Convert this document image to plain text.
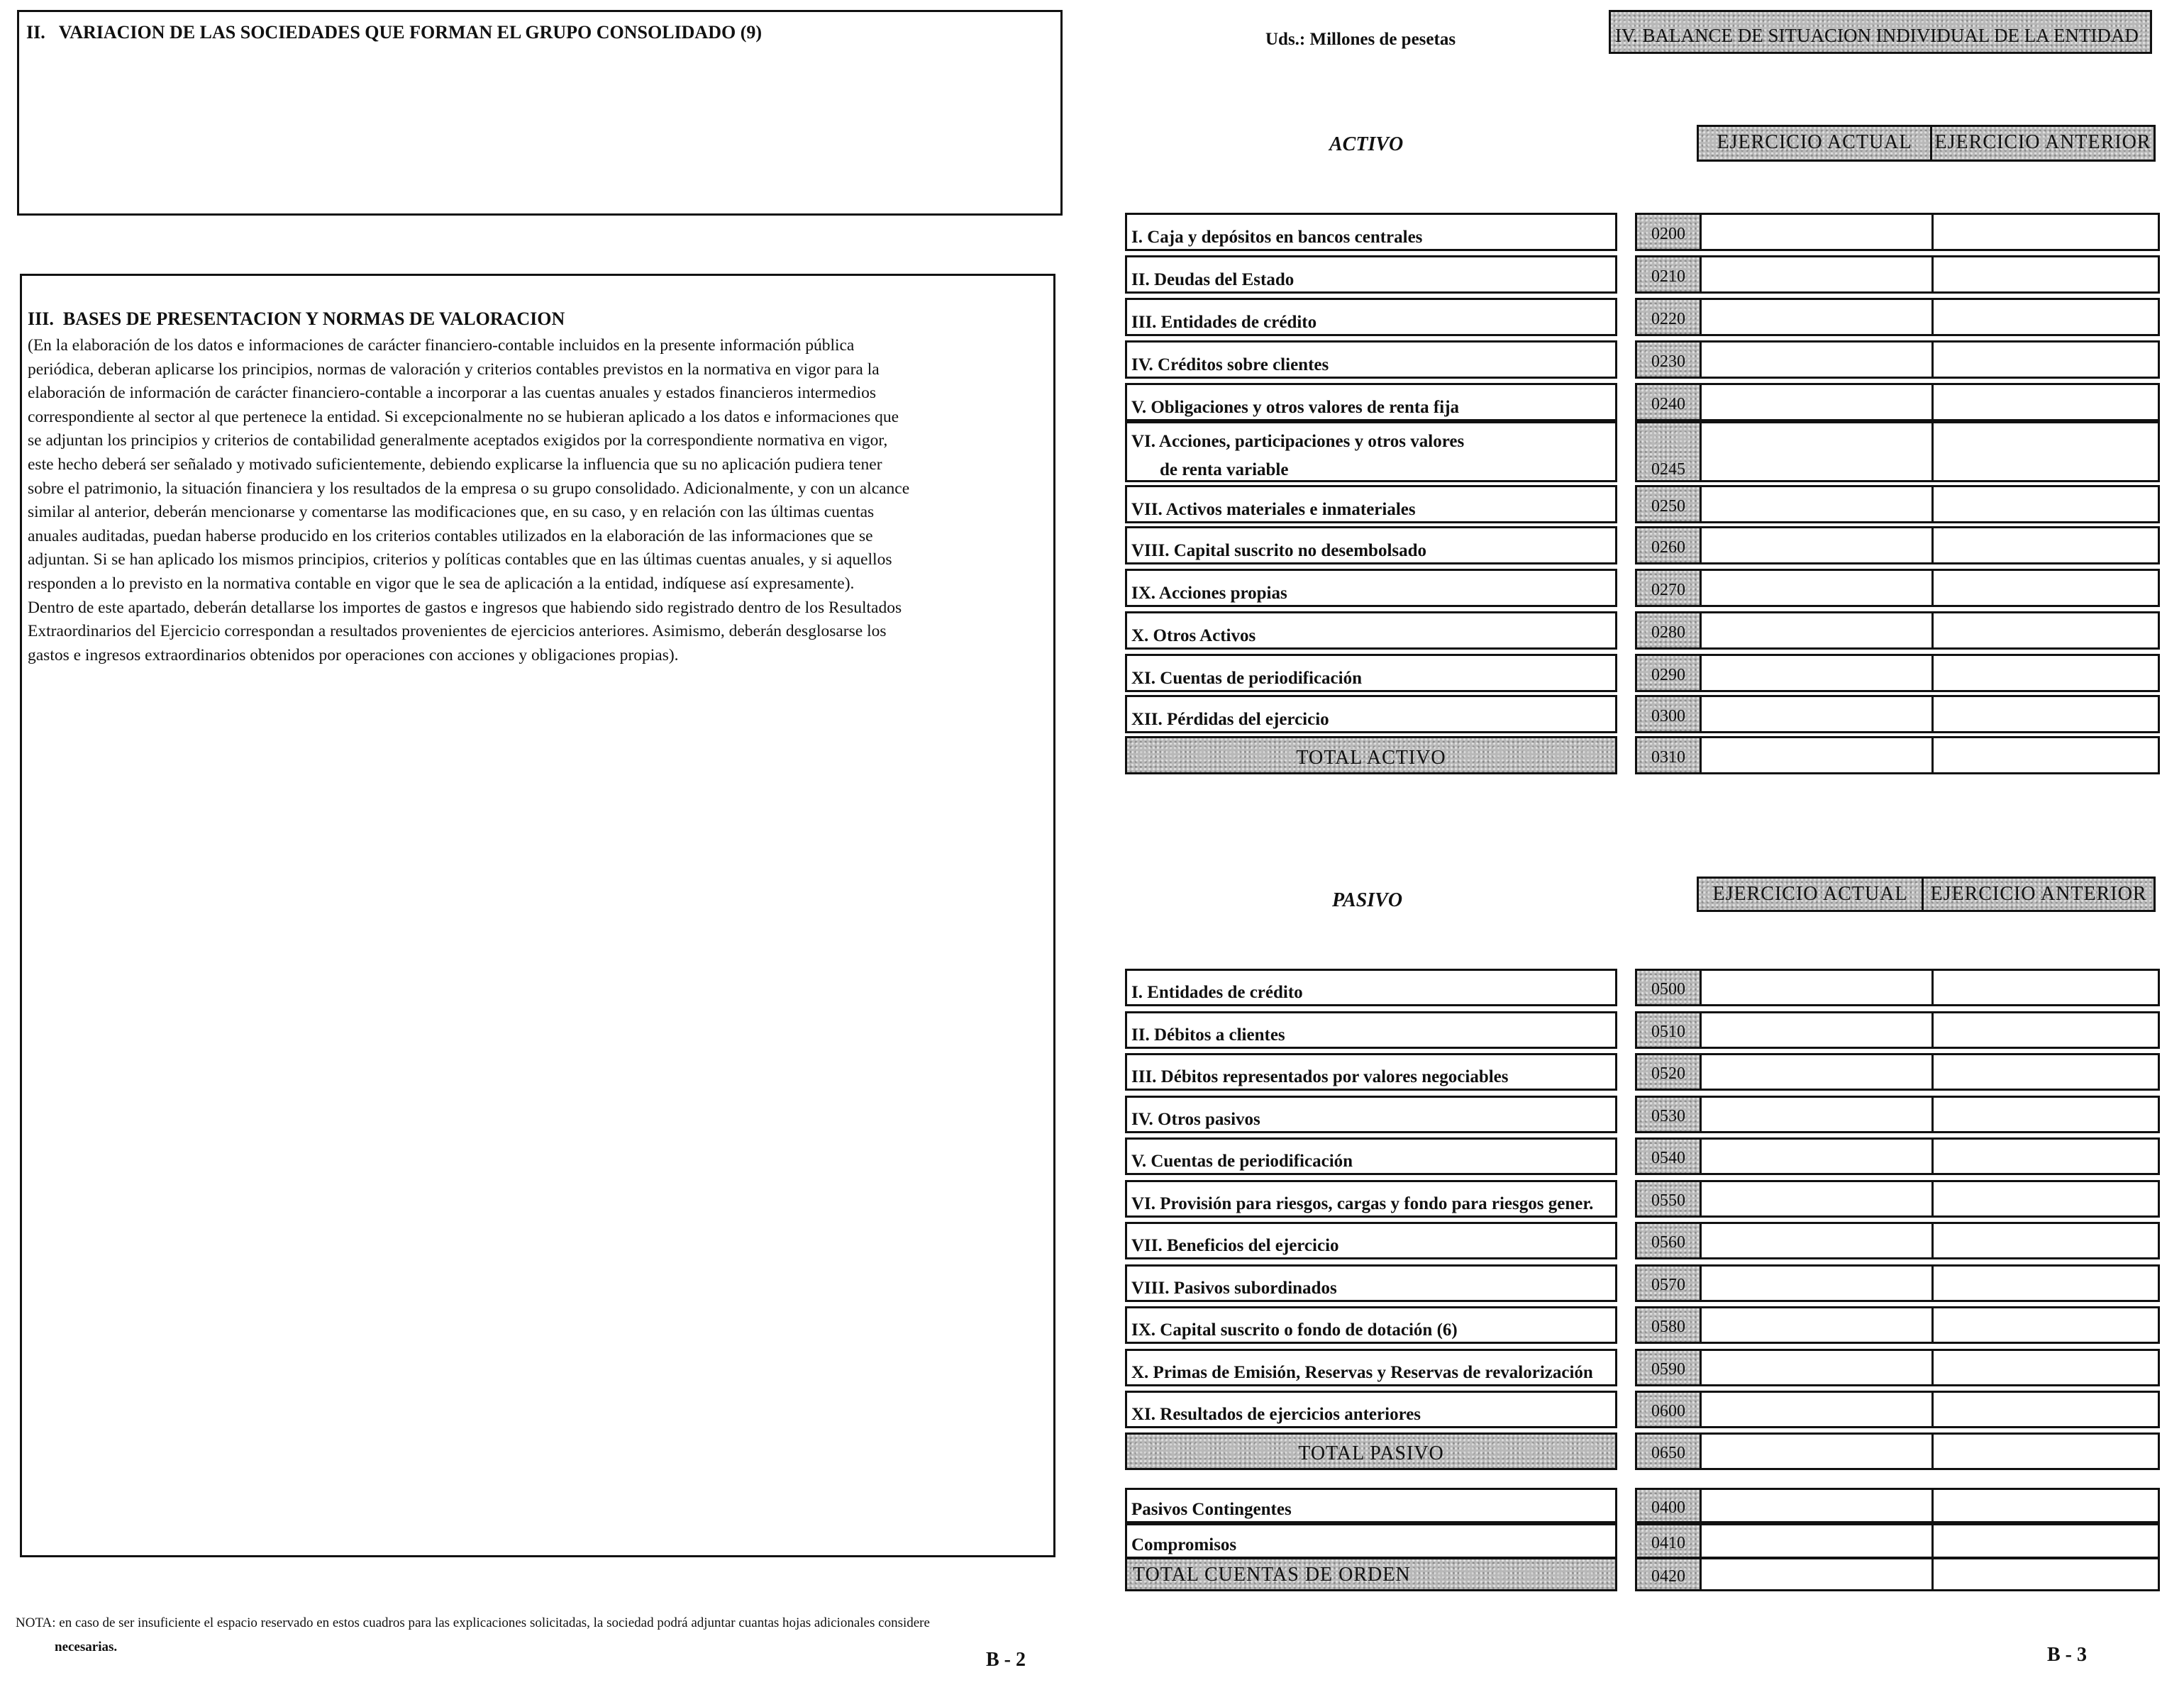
II.   VARIACION DE LAS SOCIEDADES QUE FORMAN EL GRUPO CONSOLIDADO (9)
III.  BASES DE PRESENTACION Y NORMAS DE VALORACION
(En la elaboración de los datos e informaciones de carácter financiero-contable incluidos en la presente información pública
periódica, deberan aplicarse los principios, normas de valoración y criterios contables previstos en la normativa en vigor para la
elaboración de información de carácter financiero-contable a incorporar a las cuentas anuales y estados financieros intermedios
correspondiente al sector al que pertenece la entidad. Si excepcionalmente no se hubieran aplicado a los datos e informaciones que
se adjuntan los principios y criterios de contabilidad generalmente aceptados exigidos por la correspondiente normativa en vigor,
este hecho deberá ser señalado y motivado suficientemente, debiendo explicarse la influencia que su no aplicación pudiera tener
sobre el patrimonio, la situación financiera y los resultados de la empresa o su grupo consolidado. Adicionalmente, y con un alcance
similar al anterior, deberán mencionarse y comentarse las modificaciones que, en su caso, y en relación con las últimas cuentas
anuales auditadas, puedan haberse producido en los criterios contables utilizados en la elaboración de las informaciones que se
adjuntan. Si se han aplicado los mismos principios, criterios y políticas contables que en las últimas cuentas anuales, y si aquellos
responden a lo previsto en la normativa contable en vigor que le sea de aplicación a la entidad, indíquese así expresamente).
Dentro de este apartado, deberán detallarse los importes de gastos e ingresos que habiendo sido registrado dentro de los Resultados
Extraordinarios del Ejercicio correspondan a resultados provenientes de ejercicios anteriores. Asimismo, deberán desglosarse los
gastos e ingresos extraordinarios obtenidos por operaciones con acciones y obligaciones propias).
NOTA: en caso de ser insuficiente el espacio reservado en estos cuadros para las explicaciones solicitadas, la sociedad podrá adjuntar cuantas hojas adicionales considere
necesarias.
B - 2
Uds.: Millones de pesetas	IV. BALANCE DE SITUACION INDIVIDUAL DE LA ENTIDAD
ACTIVO	EJERCICIO ACTUAL	EJERCICIO ANTERIOR
I. Caja y depósitos en bancos centrales	0200
II. Deudas del Estado	0210
III. Entidades de crédito	0220
IV. Créditos sobre clientes	0230
V. Obligaciones y otros valores de renta fija	0240
VI. Acciones, participaciones y otros valores
de renta variable	0245
VII. Activos materiales e inmateriales	0250
VIII. Capital suscrito no desembolsado	0260
IX. Acciones propias	0270
X. Otros Activos	0280
XI. Cuentas de periodificación	0290
XII. Pérdidas del ejercicio	0300
TOTAL ACTIVO	0310
PASIVO	EJERCICIO ACTUAL	EJERCICIO ANTERIOR
I. Entidades de crédito	0500
II. Débitos a clientes	0510
III. Débitos representados por valores negociables	0520
IV. Otros pasivos	0530
V. Cuentas de periodificación	0540
VI. Provisión para riesgos, cargas y fondo para riesgos gener.	0550
VII. Beneficios del ejercicio	0560
VIII. Pasivos subordinados	0570
IX. Capital suscrito o fondo de dotación (6)	0580
X. Primas de Emisión, Reservas y Reservas de revalorización	0590
XI. Resultados de ejercicios anteriores	0600
TOTAL PASIVO	0650
Pasivos Contingentes	0400
Compromisos	0410
TOTAL CUENTAS DE ORDEN	0420
B - 3
